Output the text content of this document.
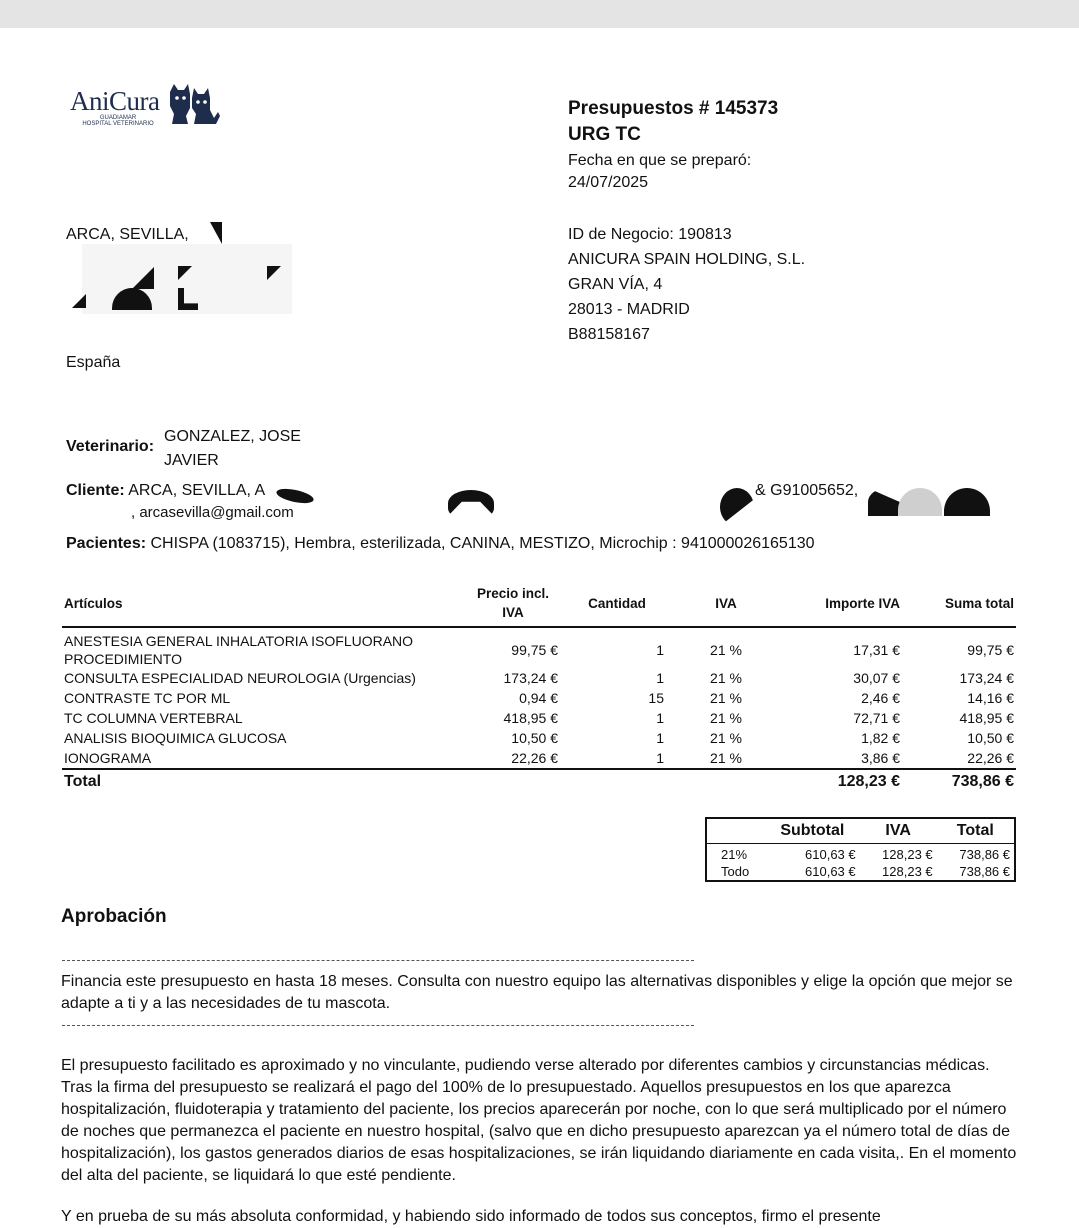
AniCura
GUADIAMAR
HOSPITAL VETERINARIO
Presupuestos # 145373
URG TC
Fecha en que se preparó:
24/07/2025
ARCA, SEVILLA,
España
ID de Negocio: 190813
ANICURA SPAIN HOLDING, S.L.
GRAN VÍA, 4
28013 - MADRID
B88158167
Veterinario:
GONZALEZ, JOSE
JAVIER
Cliente: ARCA, SEVILLA, A	& G91005652,
, arcasevilla@gmail.com
Pacientes: CHISPA (1083715), Hembra, esterilizada, CANINA, MESTIZO, Microchip : 941000026165130
Artículos	Precio incl.
IVA	Cantidad	IVA	Importe IVA	Suma total

ANESTESIA GENERAL INHALATORIA ISOFLUORANO
PROCEDIMIENTO	99,75 €	1	21 %	17,31 €	99,75 €
CONSULTA ESPECIALIDAD NEUROLOGIA (Urgencias)	173,24 €	1	21 %	30,07 €	173,24 €
CONTRASTE TC POR ML	0,94 €	15	21 %	2,46 €	14,16 €
TC COLUMNA VERTEBRAL	418,95 €	1	21 %	72,71 €	418,95 €
ANALISIS BIOQUIMICA GLUCOSA	10,50 €	1	21 %	1,82 €	10,50 €
IONOGRAMA	22,26 €	1	21 %	3,86 €	22,26 €
Total				128,23 €	738,86 €
	Subtotal	IVA	Total
21%	610,63 €	128,23 €	738,86 €
Todo	610,63 €	128,23 €	738,86 €
Aprobación
Financia este presupuesto en hasta 18 meses. Consulta con nuestro equipo las alternativas disponibles y elige la opción que mejor se adapte a ti y a las necesidades de tu mascota.
El presupuesto facilitado es aproximado y no vinculante, pudiendo verse alterado por diferentes cambios y circunstancias médicas. Tras la firma del presupuesto se realizará el pago del 100% de lo presupuestado. Aquellos presupuestos en los que aparezca hospitalización, fluidoterapia y tratamiento del paciente, los precios aparecerán por noche, con lo que será multiplicado por el número de noches que permanezca el paciente en nuestro hospital, (salvo que en dicho presupuesto aparezcan ya el número total de días de hospitalización), los gastos generados diarios de esas hospitalizaciones, se irán liquidando diariamente en cada visita,. En el momento del alta del paciente, se liquidará lo que esté pendiente.
Y en prueba de su más absoluta conformidad, y habiendo sido informado de todos sus conceptos, firmo el presente
